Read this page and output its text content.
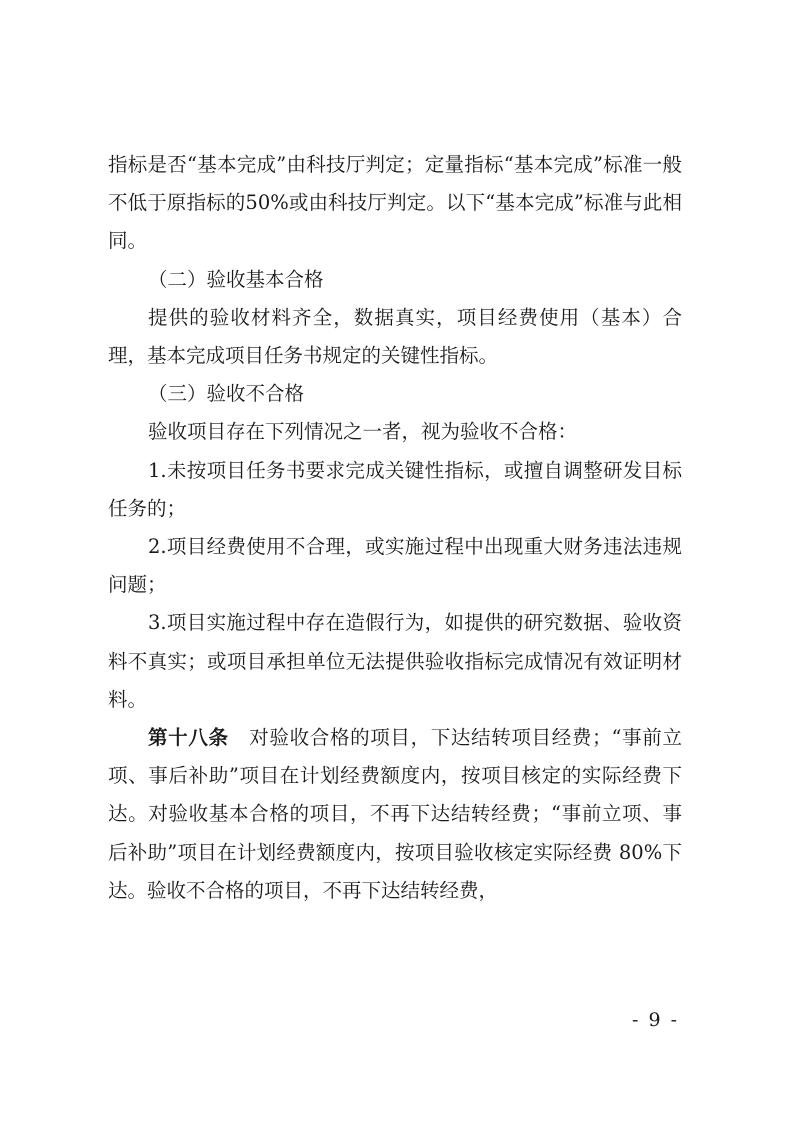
指标是否“基本完成”由科技厅判定；定量指标“基本完成”标准一般不低于原指标的50%或由科技厅判定。以下“基本完成”标准与此相同。

（二）验收基本合格

提供的验收材料齐全，数据真实，项目经费使用（基本）合理，基本完成项目任务书规定的关键性指标。

（三）验收不合格

验收项目存在下列情况之一者，视为验收不合格：

1.未按项目任务书要求完成关键性指标，或擅自调整研发目标任务的；

2.项目经费使用不合理，或实施过程中出现重大财务违法违规问题；

3.项目实施过程中存在造假行为，如提供的研究数据、验收资料不真实；或项目承担单位无法提供验收指标完成情况有效证明材料。

第十八条 对验收合格的项目，下达结转项目经费；“事前立项、事后补助”项目在计划经费额度内，按项目核定的实际经费下达。对验收基本合格的项目，不再下达结转经费；“事前立项、事后补助”项目在计划经费额度内，按项目验收核定实际经费 80%下达。验收不合格的项目，不再下达结转经费，

- 9 -
